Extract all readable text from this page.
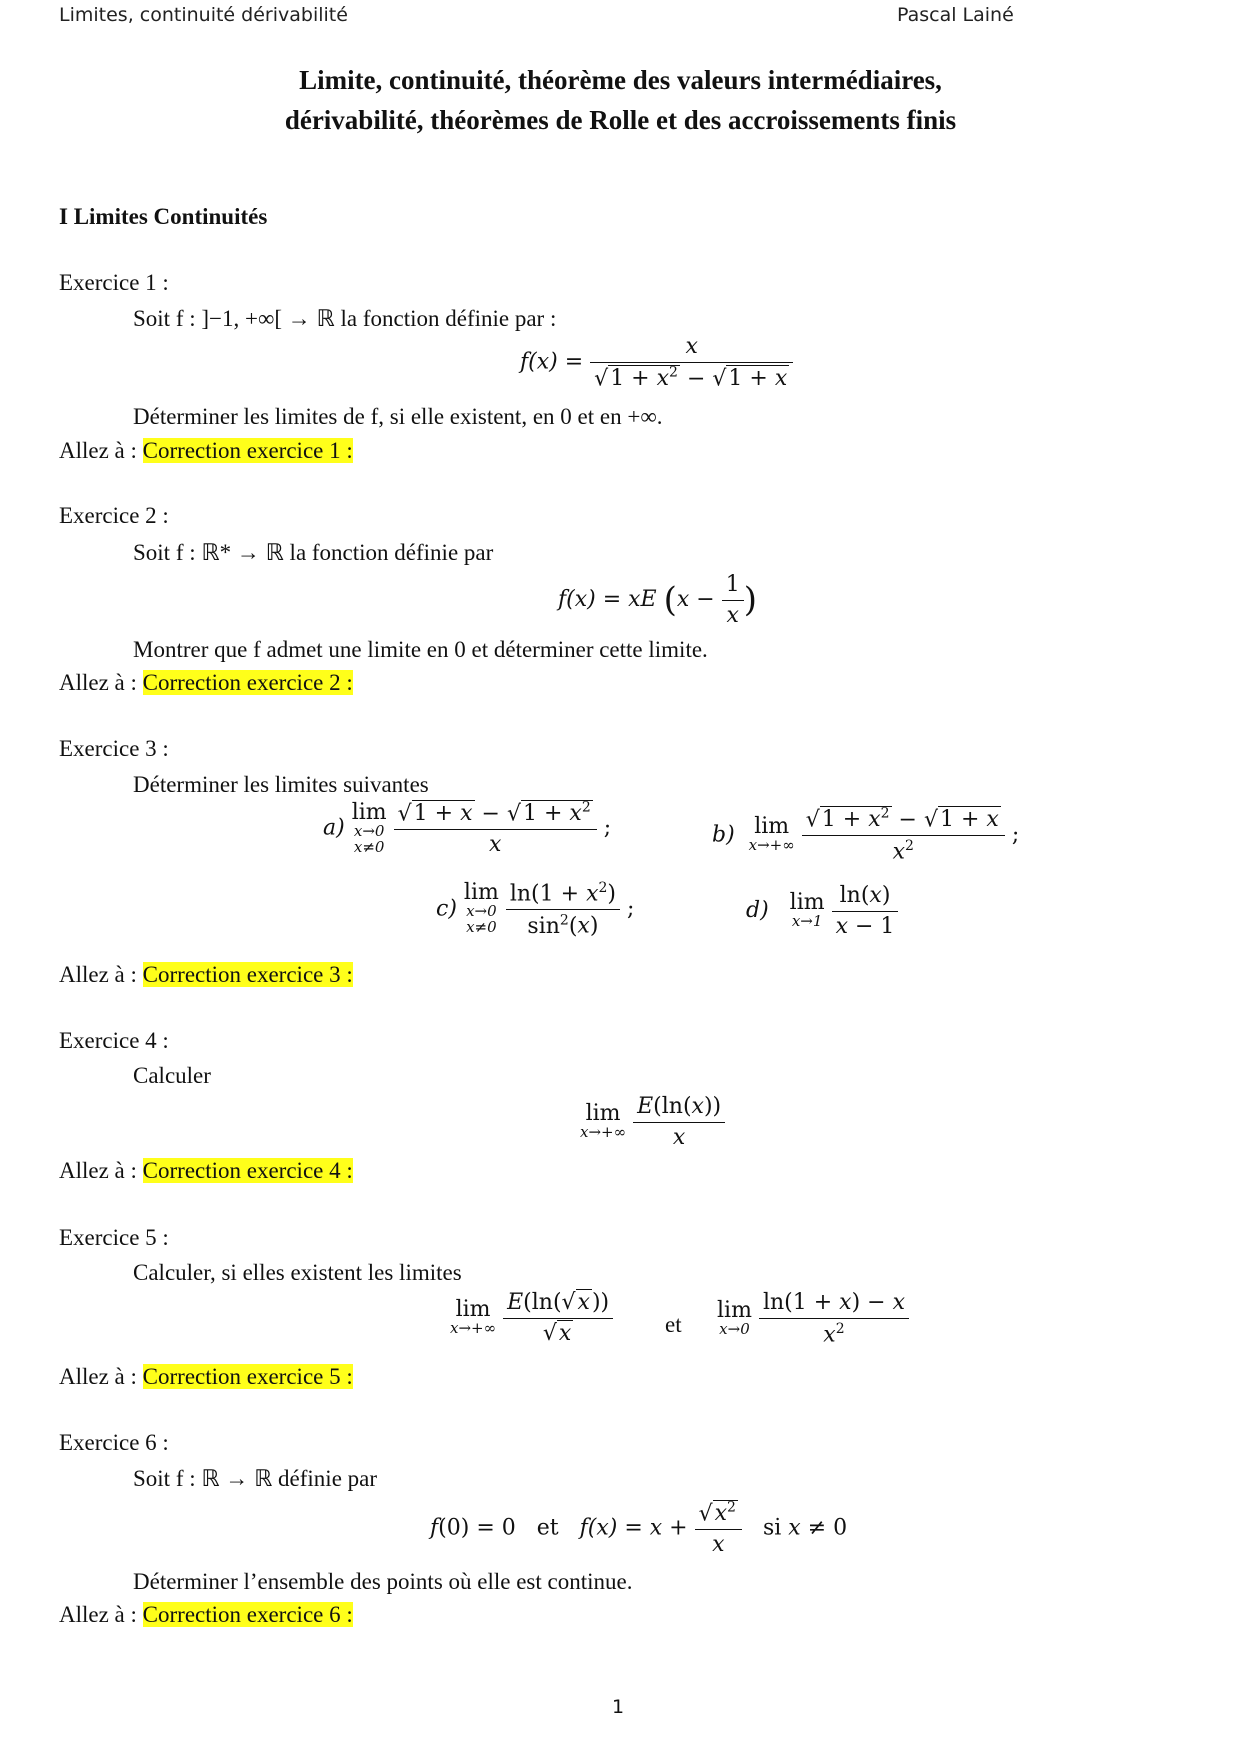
Limites, continuité dérivabilité	Pascal Lainé
Limite, continuité, théorème des valeurs intermédiaires,
dérivabilité, théorèmes de Rolle et des accroissements finis
I Limites Continuités
Exercice 1 :
Soit f : ]−1, +∞[ → ℝ la fonction définie par :
$f(x) = \frac{x}{√1 + x^2 - √1 + x}$
Déterminer les limites de f, si elle existent, en 0 et en +∞.
Allez à : Correction exercice 1 :
Exercice 2 :
Soit f : ℝ* → ℝ la fonction définie par
f(x) = xE ($x - \frac{1}{x}$ )
Montrer que f admet une limite en 0 et déterminer cette limite.
Allez à : Correction exercice 2 :
Exercice 3 :
Déterminer les limites suivantes
a) lim
x→0
x≠0
$\frac{√1 + x - √1 + x^2}{x}$ ;	b)  lim
x→+∞
$\frac{√1 + x^2 - √1 + x}{x^2}$ ;
c) lim
x→0
x≠0
$\frac{\ln(1 + x^2)}{\sin^2(x)}$ ;	d)   lim
x→1
$\frac{\ln(x)}{x - 1}$
Allez à : Correction exercice 3 :
Exercice 4 :
Calculer
lim
x→+∞
$\frac{E(\ln(x))}{x}$
Allez à : Correction exercice 4 :
Exercice 5 :
Calculer, si elles existent les limites
lim
x→+∞
$\frac{E(\ln(√x))}{√x}$ et
lim
x→0
$\frac{\ln(1 + x) - x}{x^2}$
Allez à : Correction exercice 5 :
Exercice 6 :
Soit f : ℝ → ℝ définie par
f(0) = 0 et   $f(x) = x + \frac{√x^2}{x}$ si x ≠ 0
Déterminer l’ensemble des points où elle est continue.
Allez à : Correction exercice 6 :
1
